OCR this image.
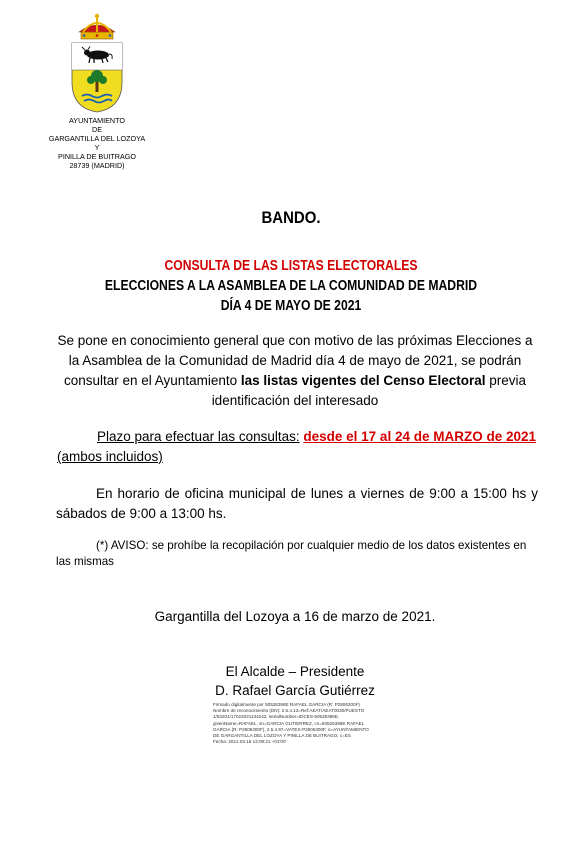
AYUNTAMIENTO
DE
GARGANTILLA DEL LOZOYA
Y
PINILLA DE BUITRAGO
28739 (MADRID)
BANDO.
CONSULTA DE LAS LISTAS ELECTORALES
ELECCIONES A LA ASAMBLEA DE LA COMUNIDAD DE MADRID
DÍA 4 DE MAYO DE 2021
Se pone en conocimiento general que con motivo de las próximas Elecciones a la Asamblea de la Comunidad de Madrid día 4 de mayo de 2021, se podrán consultar en el Ayuntamiento las listas vigentes del Censo Electoral previa identificación del interesado
Plazo para efectuar las consultas: desde el 17 al 24 de MARZO de 2021
(ambos incluidos)
En horario de oficina municipal de lunes a viernes de 9:00 a 15:00 hs y sábados de 9:00 a 13:00 hs.
(*) AVISO: se prohíbe la recopilación por cualquier medio de los datos existentes en las mismas
Gargantilla del Lozoya a 16 de marzo de 2021.
El Alcalde – Presidente
D. Rafael García Gutiérrez
Firmado digitalmente por 50526396E RAFAEL GARCIA (R: P2806300F)
Nombre de reconocimiento (DN): 2.5.4.13=Ref:AEAT/AEAT0030/PUESTO
1/53201/17022021134242, serialNumber=IDCES-50526396E,
givenName=RAFAEL, sn=GARCIA GUTIERREZ, cn=50526396E RAFAEL
GARCIA (R: P2806300F), 2.5.4.97=VATES-P2806300F, o=AYUNTAMIENTO
DE GARGANTILLA DEL LOZOYA Y PINILLA DE BUITRAGO, c=ES
Fecha: 2021.03.16 13:09:21 +01'00'
